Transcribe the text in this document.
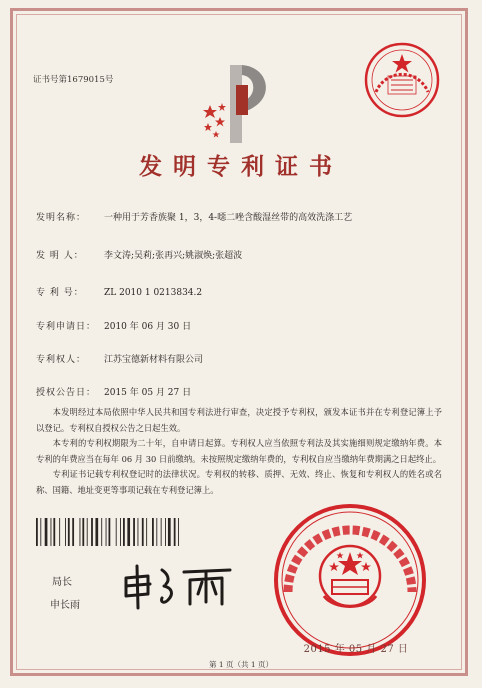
证书号第1679015号
发明专利证书
发明名称： 一种用于芳香族聚 1，3，4-噁二唑含酸湿丝带的高效洗涤工艺
发 明 人： 李文涛;吴莉;张再兴;姚淑焕;张超波
专 利 号： ZL 2010 1 0213834.2
专利申请日： 2010 年 06 月 30 日
专利权人： 江苏宝德新材料有限公司
授权公告日： 2015 年 05 月 27 日

本发明经过本局依照中华人民共和国专利法进行审查，决定授予专利权，颁发本证书并在专利登记簿上予以登记。专利权自授权公告之日起生效。

本专利的专利权期限为二十年，自申请日起算。专利权人应当依照专利法及其实施细则规定缴纳年费。本专利的年费应当在每年 06 月 30 日前缴纳。未按照规定缴纳年费的，专利权自应当缴纳年费期满之日起终止。

专利证书记载专利权登记时的法律状况。专利权的转移、质押、无效、终止、恢复和专利权人的姓名或名称、国籍、地址变更等事项记载在专利登记簿上。

局长
申长雨
2015 年 05 月 27 日
第 1 页（共 1 页）
